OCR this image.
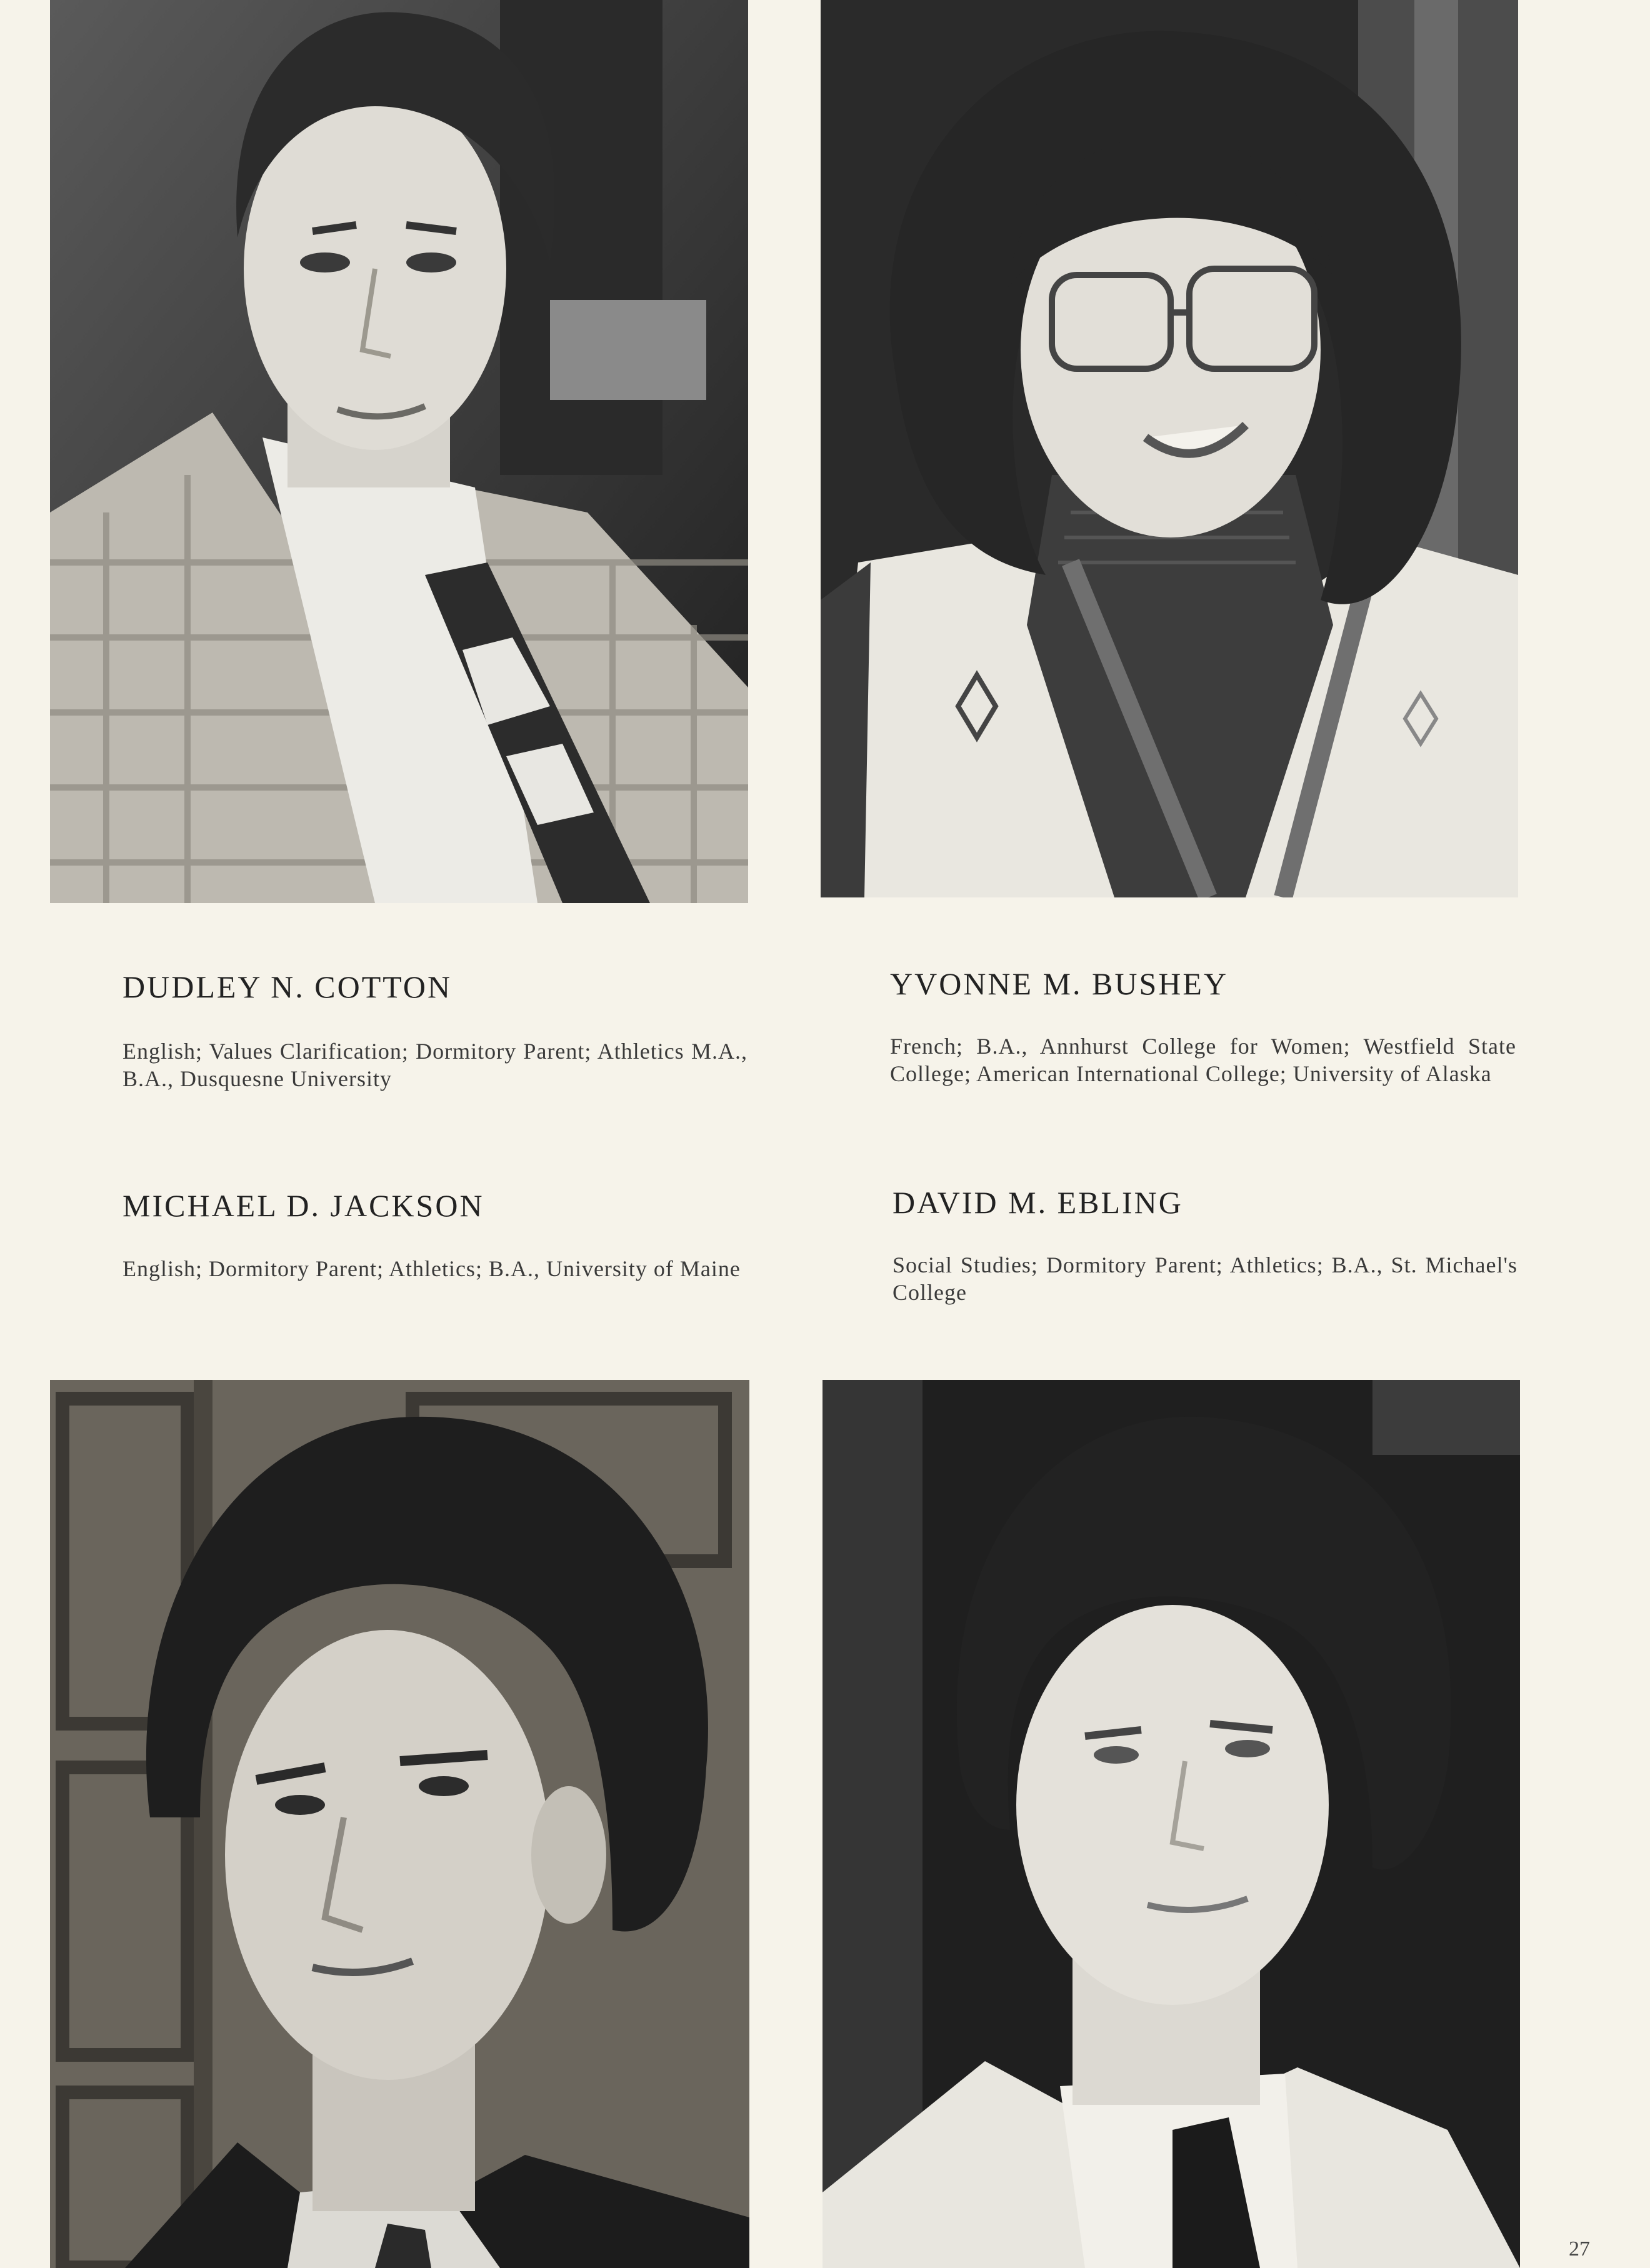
DUDLEY N. COTTON

English; Values Clarification; Dormitory Parent; Athletics M.A., B.A., Dusquesne University

YVONNE M. BUSHEY

French; B.A., Annhurst College for Women; Westfield State College; American International College; University of Alaska

MICHAEL D. JACKSON

English; Dormitory Parent; Athletics; B.A., University of Maine

DAVID M. EBLING

Social Studies; Dormitory Parent; Athletics; B.A., St. Michael's College

27
